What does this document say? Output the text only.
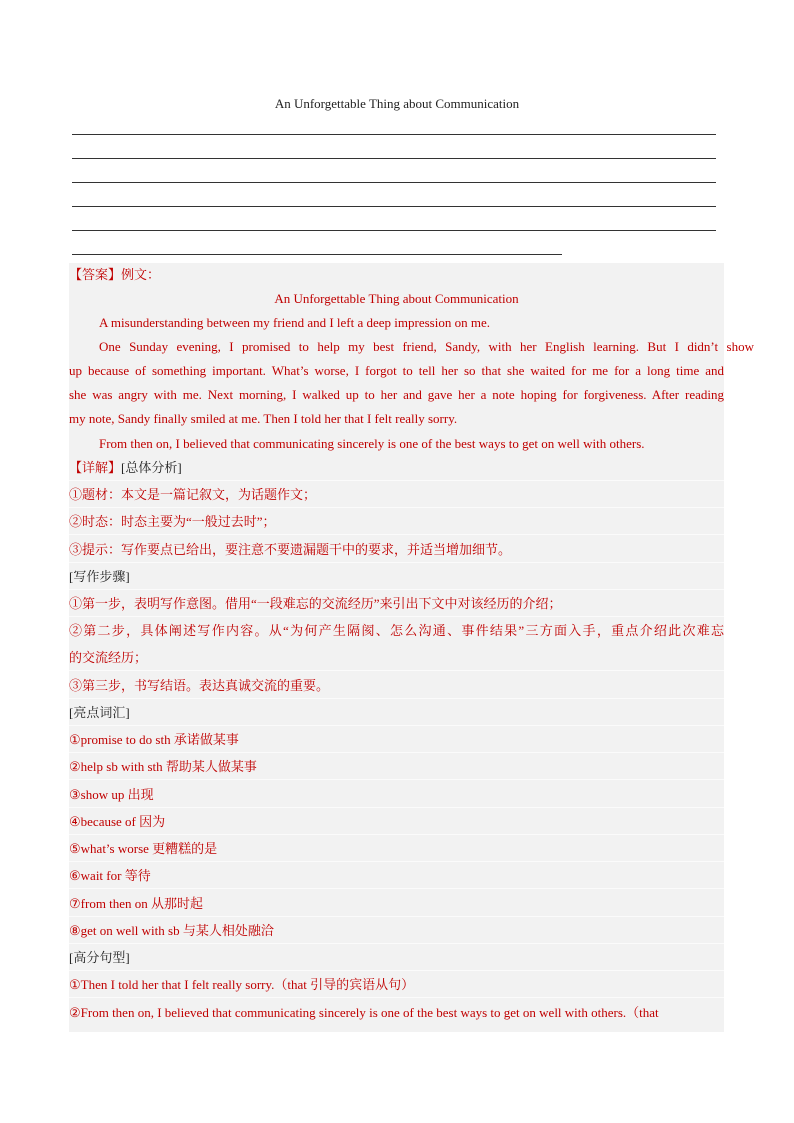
An Unforgettable Thing about Communication
【答案】例文：
An Unforgettable Thing about Communication
A misunderstanding between my friend and I left a deep impression on me.
One Sunday evening, I promised to help my best friend, Sandy, with her English learning. But I didn’t show
up because of something important. What’s worse, I forgot to tell her so that she waited for me for a long time and
she was angry with me. Next morning, I walked up to her and gave her a note hoping for forgiveness. After reading
my note, Sandy finally smiled at me. Then I told her that I felt really sorry.
From then on, I believed that communicating sincerely is one of the best ways to get on well with others.
【详解】[总体分析]
①题材：本文是一篇记叙文，为话题作文；
②时态：时态主要为“一般过去时”；
③提示：写作要点已给出，要注意不要遗漏题干中的要求，并适当增加细节。
[写作步骤]
①第一步，表明写作意图。借用“一段难忘的交流经历”来引出下文中对该经历的介绍；
②第二步，具体阐述写作内容。从“为何产生隔阂、怎么沟通、事件结果”三方面入手，重点介绍此次难忘
的交流经历；
③第三步，书写结语。表达真诚交流的重要。
[亮点词汇]
①promise to do sth 承诺做某事
②help sb with sth 帮助某人做某事
③show up 出现
④because of 因为
⑤what’s worse 更糟糕的是
⑥wait for 等待
⑦from then on 从那时起
⑧get on well with sb 与某人相处融洽
[高分句型]
①Then I told her that I felt really sorry.（that 引导的宾语从句）
②From then on, I believed that communicating sincerely is one of the best ways to get on well with others.（that
